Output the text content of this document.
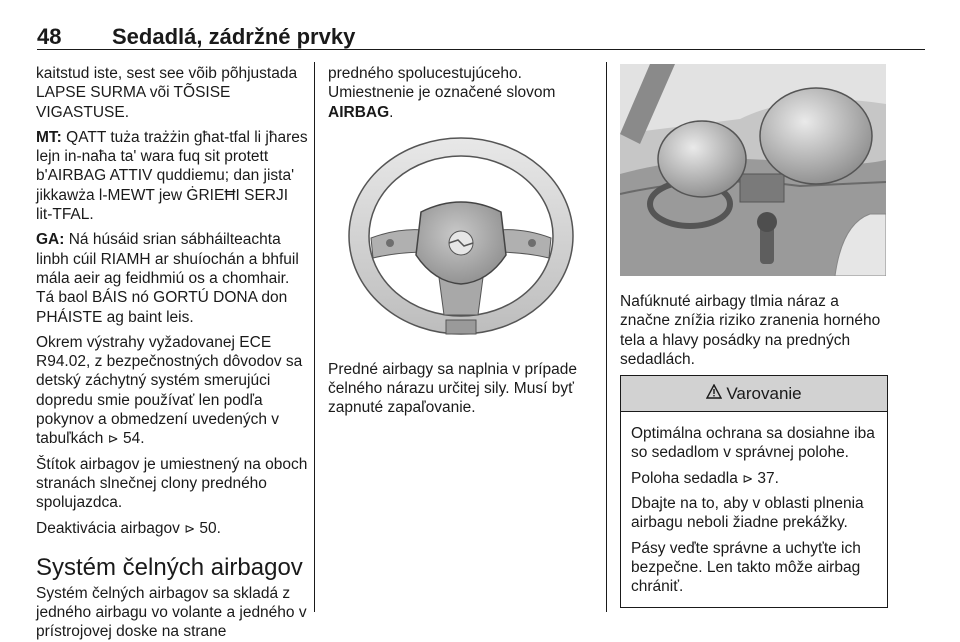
48 Sedadlá, zádržné prvky

kaitstud iste, sest see võib põhjustada LAPSE SURMA või TÕSISE VIGASTUSE.

MT: QATT tuża trażżin għat-tfal li jħares lejn in-naħa ta' wara fuq sit protett b'AIRBAG ATTIV quddiemu; dan jista' jikkawża l-MEWT jew ĠRIEĦI SERJI lit-TFAL.

GA: Ná húsáid srian sábháilteachta linbh cúil RIAMH ar shuíochán a bhfuil mála aeir ag feidhmiú os a chomhair. Tá baol BÁIS nó GORTÚ DONA don PHÁISTE ag baint leis.

Okrem výstrahy vyžadovanej ECE R94.02, z bezpečnostných dôvodov sa detský záchytný systém smerujúci dopredu smie používať len podľa pokynov a obmedzení uvedených v tabuľkách ⊳ 54.

Štítok airbagov je umiestnený na oboch stranách slnečnej clony predného spolujazdca.

Deaktivácia airbagov ⊳ 50.

Systém čelných airbagov

Systém čelných airbagov sa skladá z jedného airbagu vo volante a jedného v prístrojovej doske na strane

predného spolucestujúceho.

Umiestnenie je označené slovom AIRBAG.

Predné airbagy sa naplnia v prípade čelného nárazu určitej sily. Musí byť zapnuté zapaľovanie.

Nafúknuté airbagy tlmia náraz a značne znížia riziko zranenia horného tela a hlavy posádky na predných sedadlách.

Varovanie

Optimálna ochrana sa dosiahne iba so sedadlom v správnej polohe.

Poloha sedadla ⊳ 37.

Dbajte na to, aby v oblasti plnenia airbagu neboli žiadne prekážky.

Pásy veďte správne a uchyťte ich bezpečne. Len takto môže airbag chrániť.
